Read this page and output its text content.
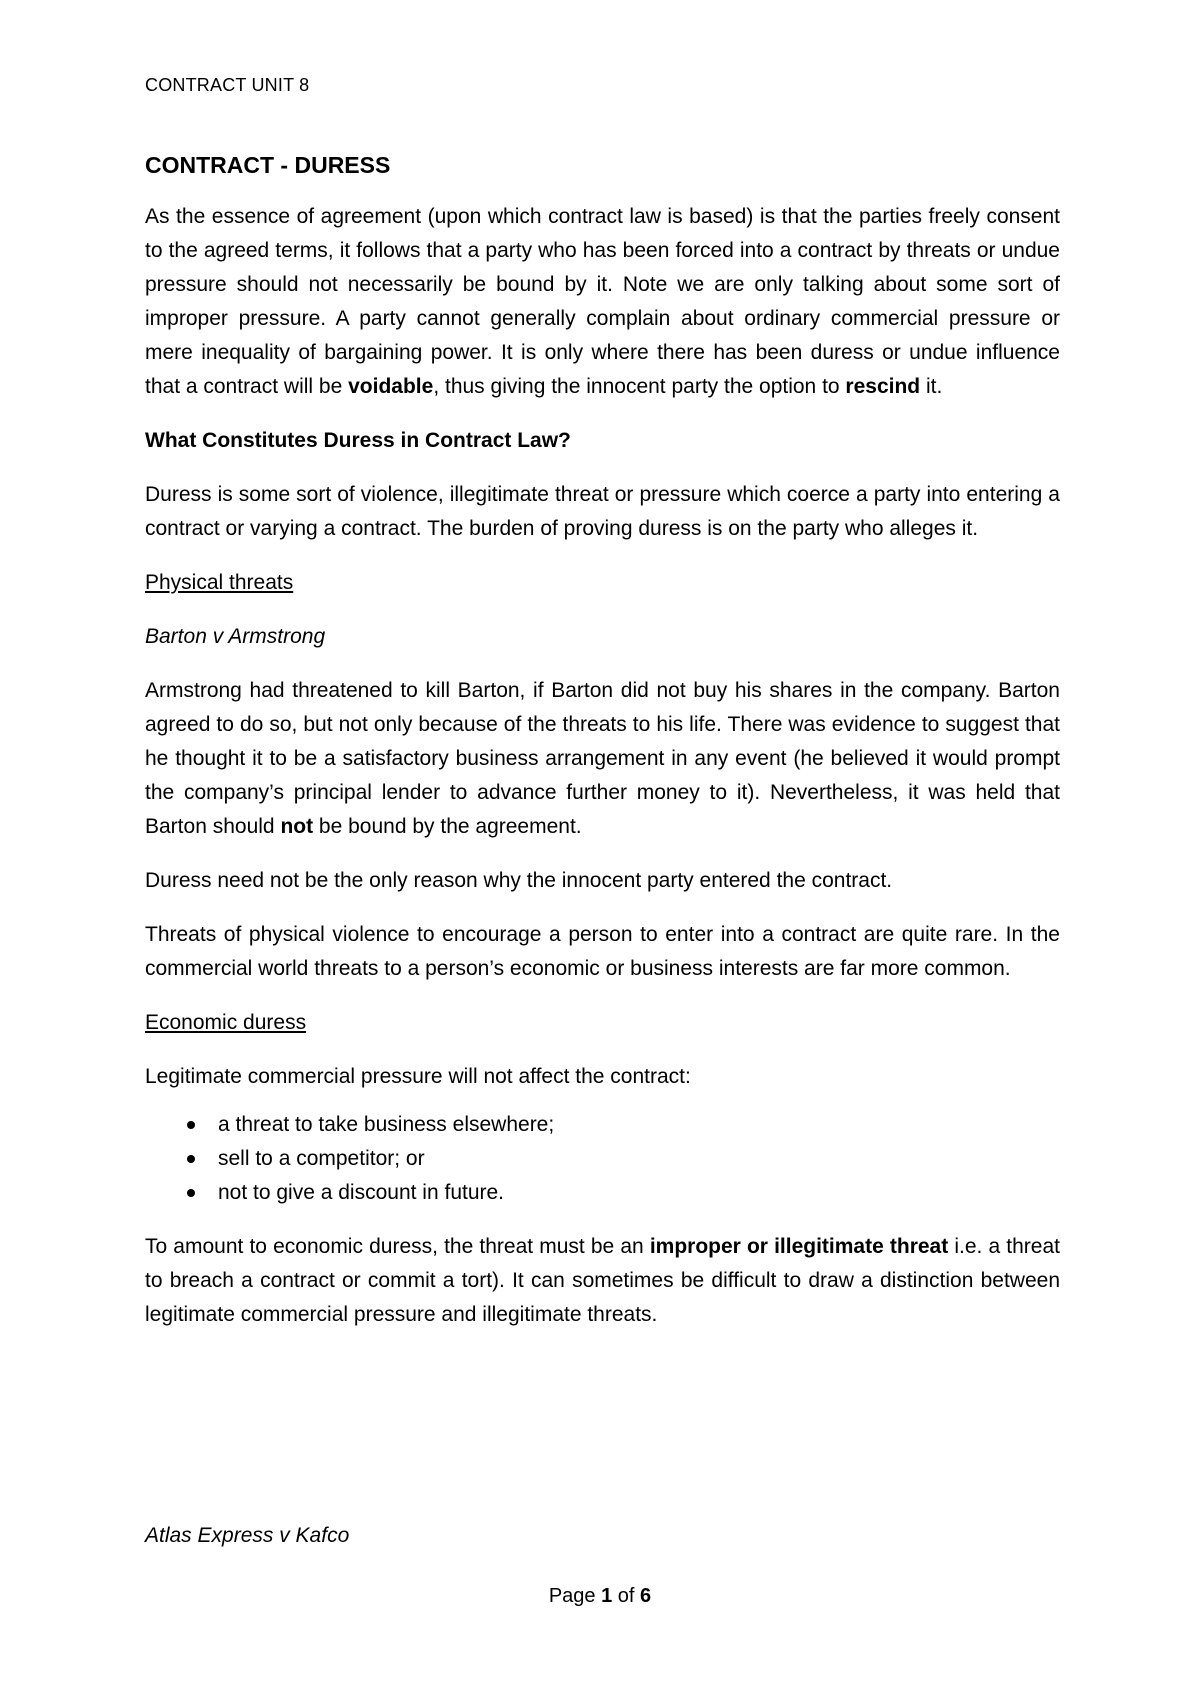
CONTRACT UNIT 8
CONTRACT - DURESS

As the essence of agreement (upon which contract law is based) is that the parties freely consent to the agreed terms, it follows that a party who has been forced into a contract by threats or undue pressure should not necessarily be bound by it. Note we are only talking about some sort of improper pressure. A party cannot generally complain about ordinary commercial pressure or mere inequality of bargaining power. It is only where there has been duress or undue influence that a contract will be voidable, thus giving the innocent party the option to rescind it.

What Constitutes Duress in Contract Law?

Duress is some sort of violence, illegitimate threat or pressure which coerce a party into entering a contract or varying a contract. The burden of proving duress is on the party who alleges it.

Physical threats

Barton v Armstrong

Armstrong had threatened to kill Barton, if Barton did not buy his shares in the company. Barton agreed to do so, but not only because of the threats to his life. There was evidence to suggest that he thought it to be a satisfactory business arrangement in any event (he believed it would prompt the company’s principal lender to advance further money to it). Nevertheless, it was held that Barton should not be bound by the agreement.

Duress need not be the only reason why the innocent party entered the contract.

Threats of physical violence to encourage a person to enter into a contract are quite rare. In the commercial world threats to a person’s economic or business interests are far more common.

Economic duress

Legitimate commercial pressure will not affect the contract:

a threat to take business elsewhere;
sell to a competitor; or
not to give a discount in future.

To amount to economic duress, the threat must be an improper or illegitimate threat i.e. a threat to breach a contract or commit a tort). It can sometimes be difficult to draw a distinction between legitimate commercial pressure and illegitimate threats.

Atlas Express v Kafco
Page 1 of 6
